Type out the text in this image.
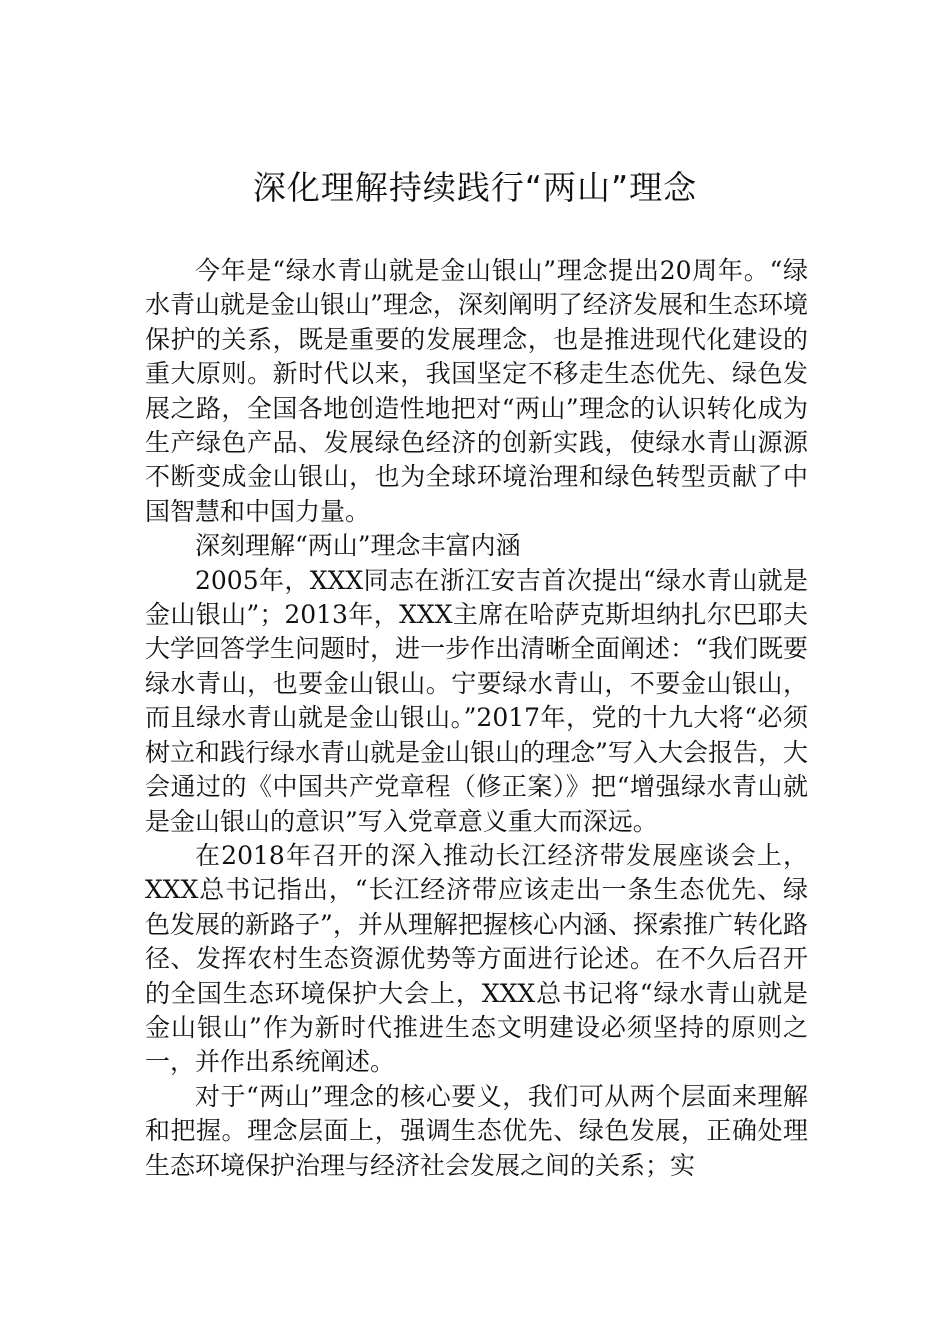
深化理解持续践行“两山”理念

今年是“绿水青山就是金山银山”理念提出20周年。“绿水青山就是金山银山”理念，深刻阐明了经济发展和生态环境保护的关系，既是重要的发展理念，也是推进现代化建设的重大原则。新时代以来，我国坚定不移走生态优先、绿色发展之路，全国各地创造性地把对“两山”理念的认识转化成为生产绿色产品、发展绿色经济的创新实践，使绿水青山源源不断变成金山银山，也为全球环境治理和绿色转型贡献了中国智慧和中国力量。

深刻理解“两山”理念丰富内涵

2005年，XXX同志在浙江安吉首次提出“绿水青山就是金山银山”；2013年，XXX主席在哈萨克斯坦纳扎尔巴耶夫大学回答学生问题时，进一步作出清晰全面阐述：“我们既要绿水青山，也要金山银山。宁要绿水青山，不要金山银山，而且绿水青山就是金山银山。”2017年，党的十九大将“必须树立和践行绿水青山就是金山银山的理念”写入大会报告，大会通过的《中国共产党章程（修正案）》把“增强绿水青山就是金山银山的意识”写入党章意义重大而深远。

在2018年召开的深入推动长江经济带发展座谈会上，XXX总书记指出，“长江经济带应该走出一条生态优先、绿色发展的新路子”，并从理解把握核心内涵、探索推广转化路径、发挥农村生态资源优势等方面进行论述。在不久后召开的全国生态环境保护大会上，XXX总书记将“绿水青山就是金山银山”作为新时代推进生态文明建设必须坚持的原则之一，并作出系统阐述。

对于“两山”理念的核心要义，我们可从两个层面来理解和把握。理念层面上，强调生态优先、绿色发展，正确处理生态环境保护治理与经济社会发展之间的关系；实
